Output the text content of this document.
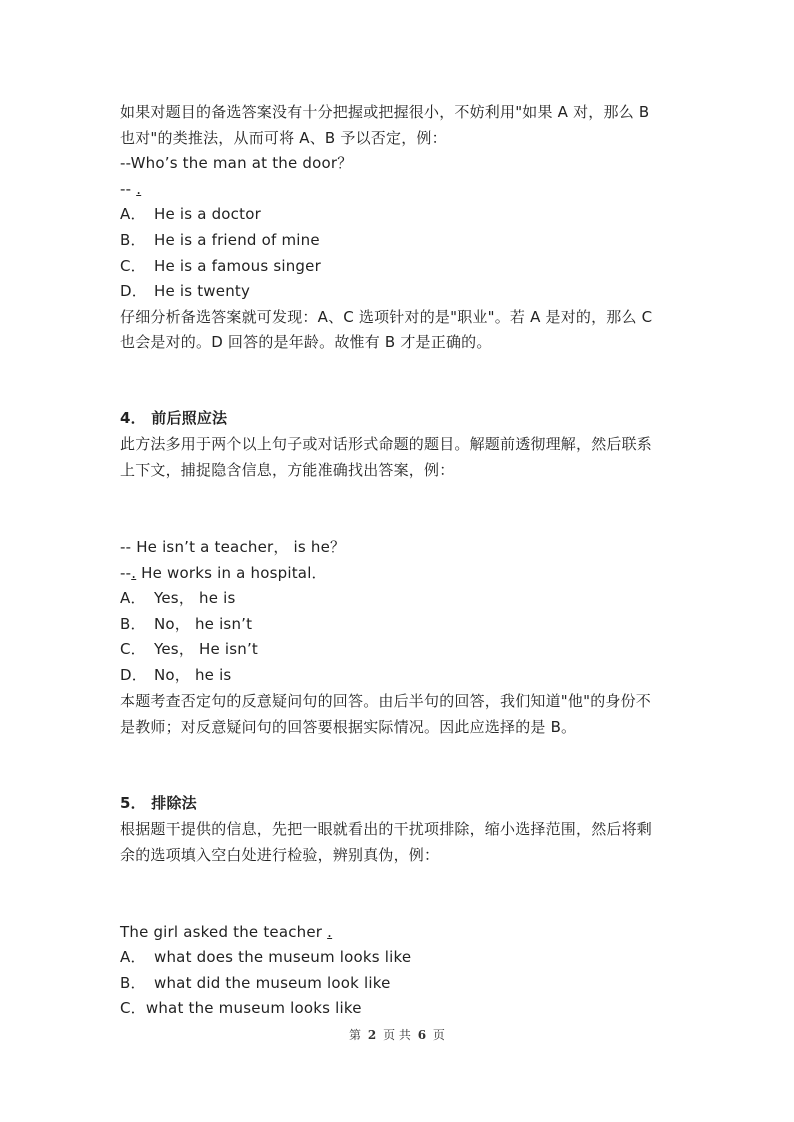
如果对题目的备选答案没有十分把握或把握很小，不妨利用"如果 A 对，那么 B
也对"的类推法，从而可将 A、B 予以否定，例：
--Who’s the man at the door？
-- .
A． He is a doctor
B． He is a friend of mine
C． He is a famous singer
D． He is twenty
仔细分析备选答案就可发现：A、C 选项针对的是"职业"。若 A 是对的，那么 C
也会是对的。D 回答的是年龄。故惟有 B 才是正确的。
4． 前后照应法
此方法多用于两个以上句子或对话形式命题的题目。解题前透彻理解，然后联系
上下文，捕捉隐含信息，方能准确找出答案，例：
-- He isn’t a teacher， is he？
--. He works in a hospital．
A． Yes， he is
B． No， he isn’t
C． Yes， He isn’t
D． No， he is
本题考查否定句的反意疑问句的回答。由后半句的回答，我们知道"他"的身份不
是教师；对反意疑问句的回答要根据实际情况。因此应选择的是 B。
5． 排除法
根据题干提供的信息，先把一眼就看出的干扰项排除，缩小选择范围，然后将剩
余的选项填入空白处进行检验，辨别真伪，例：
The girl asked the teacher .
A． what does the museum looks like
B． what did the museum look like
C．what the museum looks like
第 2 页 共 6 页
